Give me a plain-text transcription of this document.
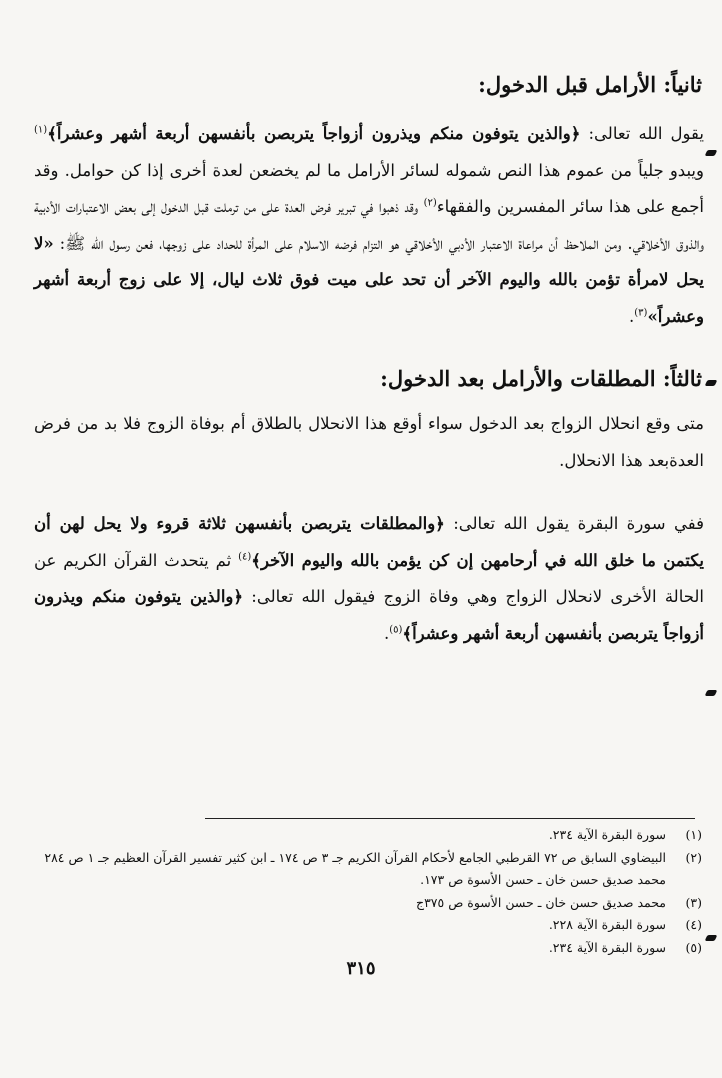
ثانياً: الأرامل قبل الدخول:
يقول الله تعالى: ﴿والذين يتوفون منكم ويذرون أزواجاً يتربصن بأنفسهن أربعة أشهر وعشراً﴾$^{(١)}$ ويبدو جلياً من عموم هذا النص شموله لسائر الأرامل ما لم يخضعن لعدة أخرى إذا كن حوامل. وقد أجمع على هذا سائر المفسرين والفقهاء$^{(٢)}$ وقد ذهبوا في تبرير فرض العدة على من ترملت قبل الدخول إلى بعض الاعتبارات الأدبية والذوق الأخلاقي. ومن الملاحظ أن مراعاة الاعتبار الأدبي الأخلاقي هو التزام فرضه الاسلام على المرأة للحداد على زوجها، فعن رسول الله ﷺ: «لا يحل لامرأة تؤمن بالله واليوم الآخر أن تحد على ميت فوق ثلاث ليال، إلا على زوج أربعة أشهر وعشراً»$^{(٣)}$.
ثالثاً: المطلقات والأرامل بعد الدخول:
متى وقع انحلال الزواج بعد الدخول سواء أوقع هذا الانحلال بالطلاق أم بوفاة الزوج فلا بد من فرض العدةبعد هذا الانحلال.
ففي سورة البقرة يقول الله تعالى: ﴿والمطلقات يتربصن بأنفسهن ثلاثة قروء ولا يحل لهن أن يكتمن ما خلق الله في أرحامهن إن كن يؤمن بالله واليوم الآخر﴾$^{(٤)}$ ثم يتحدث القرآن الكريم عن الحالة الأخرى لانحلال الزواج وهي وفاة الزوج فيقول الله تعالى: ﴿والذين يتوفون منكم ويذرون أزواجاً يتربصن بأنفسهن أربعة أشهر وعشراً﴾$^{(٥)}$.
(١)
سورة البقرة الآية ٢٣٤.
(٢)
البيضاوي السابق ص ٧٢ القرطبي الجامع لأحكام القرآن الكريم جـ ٣ ص ١٧٤ ـ ابن كثير تفسير القرآن العظيم جـ ١ ص ٢٨٤ محمد صديق حسن خان ـ حسن الأسوة ص ١٧٣.
(٣)
محمد صديق حسن خان ـ حسن الأسوة ص ٣٧٥ج
(٤)
سورة البقرة الآية ٢٢٨.
(٥)
سورة البقرة الآية ٢٣٤.
٣١٥
